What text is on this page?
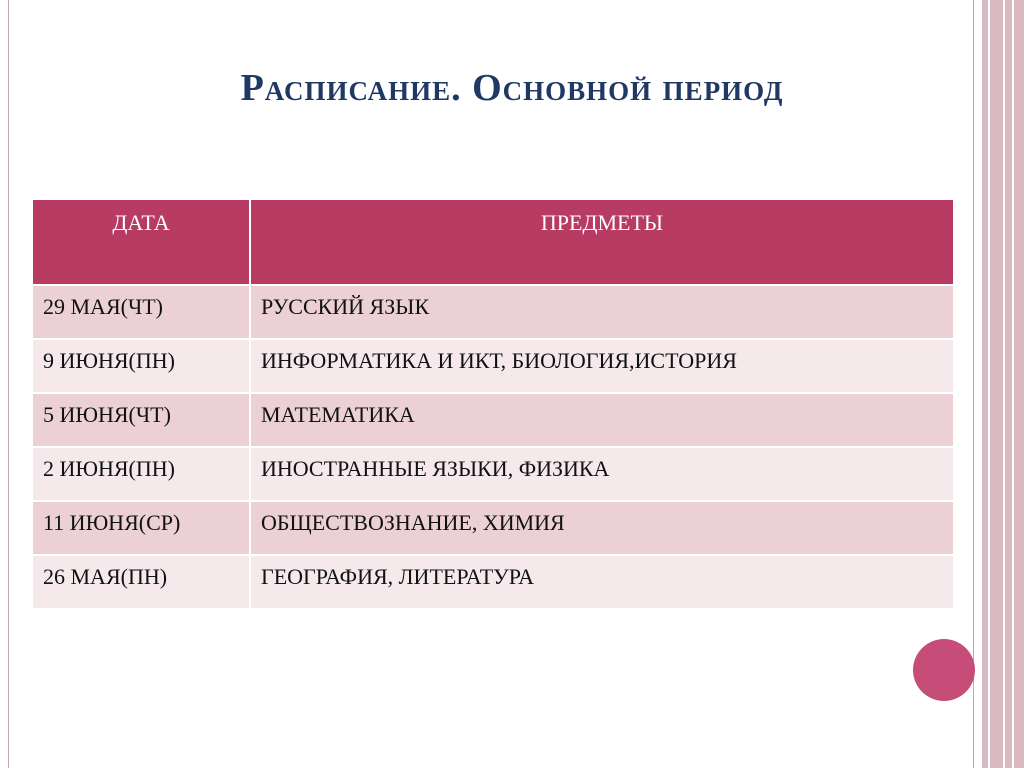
Расписание. Основной период
ДАТА	ПРЕДМЕТЫ
29 МАЯ(ЧТ)	РУССКИЙ ЯЗЫК
9 ИЮНЯ(ПН)	ИНФОРМАТИКА И ИКТ, БИОЛОГИЯ,ИСТОРИЯ
5 ИЮНЯ(ЧТ)	МАТЕМАТИКА
2 ИЮНЯ(ПН)	ИНОСТРАННЫЕ ЯЗЫКИ, ФИЗИКА
11 ИЮНЯ(СР)	ОБЩЕСТВОЗНАНИЕ, ХИМИЯ
26 МАЯ(ПН)	ГЕОГРАФИЯ, ЛИТЕРАТУРА
